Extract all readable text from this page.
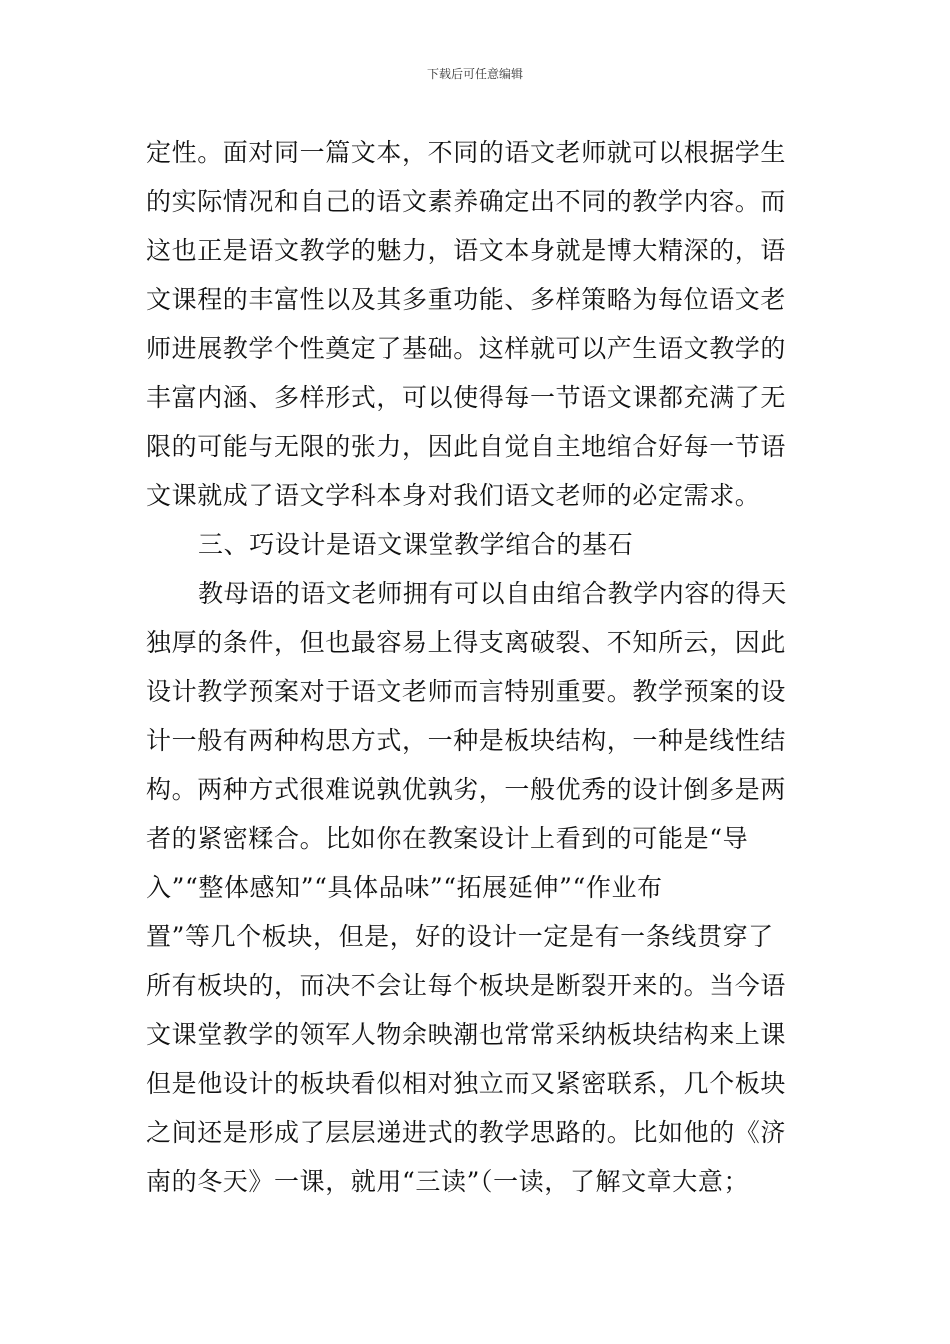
下载后可任意编辑
定性。面对同一篇文本，不同的语文老师就可以根据学生
的实际情况和自己的语文素养确定出不同的教学内容。而
这也正是语文教学的魅力，语文本身就是博大精深的，语
文课程的丰富性以及其多重功能、多样策略为每位语文老
师进展教学个性奠定了基础。这样就可以产生语文教学的
丰富内涵、多样形式，可以使得每一节语文课都充满了无
限的可能与无限的张力，因此自觉自主地绾合好每一节语
文课就成了语文学科本身对我们语文老师的必定需求。
三、巧设计是语文课堂教学绾合的基石
教母语的语文老师拥有可以自由绾合教学内容的得天
独厚的条件，但也最容易上得支离破裂、不知所云，因此
设计教学预案对于语文老师而言特别重要。教学预案的设
计一般有两种构思方式，一种是板块结构，一种是线性结
构。两种方式很难说孰优孰劣，一般优秀的设计倒多是两
者的紧密糅合。比如你在教案设计上看到的可能是“导
入”“整体感知”“具体品味”“拓展延伸”“作业布
置”等几个板块，但是，好的设计一定是有一条线贯穿了
所有板块的，而决不会让每个板块是断裂开来的。当今语
文课堂教学的领军人物余映潮也常常采纳板块结构来上课
但是他设计的板块看似相对独立而又紧密联系，几个板块
之间还是形成了层层递进式的教学思路的。比如他的《济
南的冬天》一课，就用“三读”（一读，了解文章大意；
